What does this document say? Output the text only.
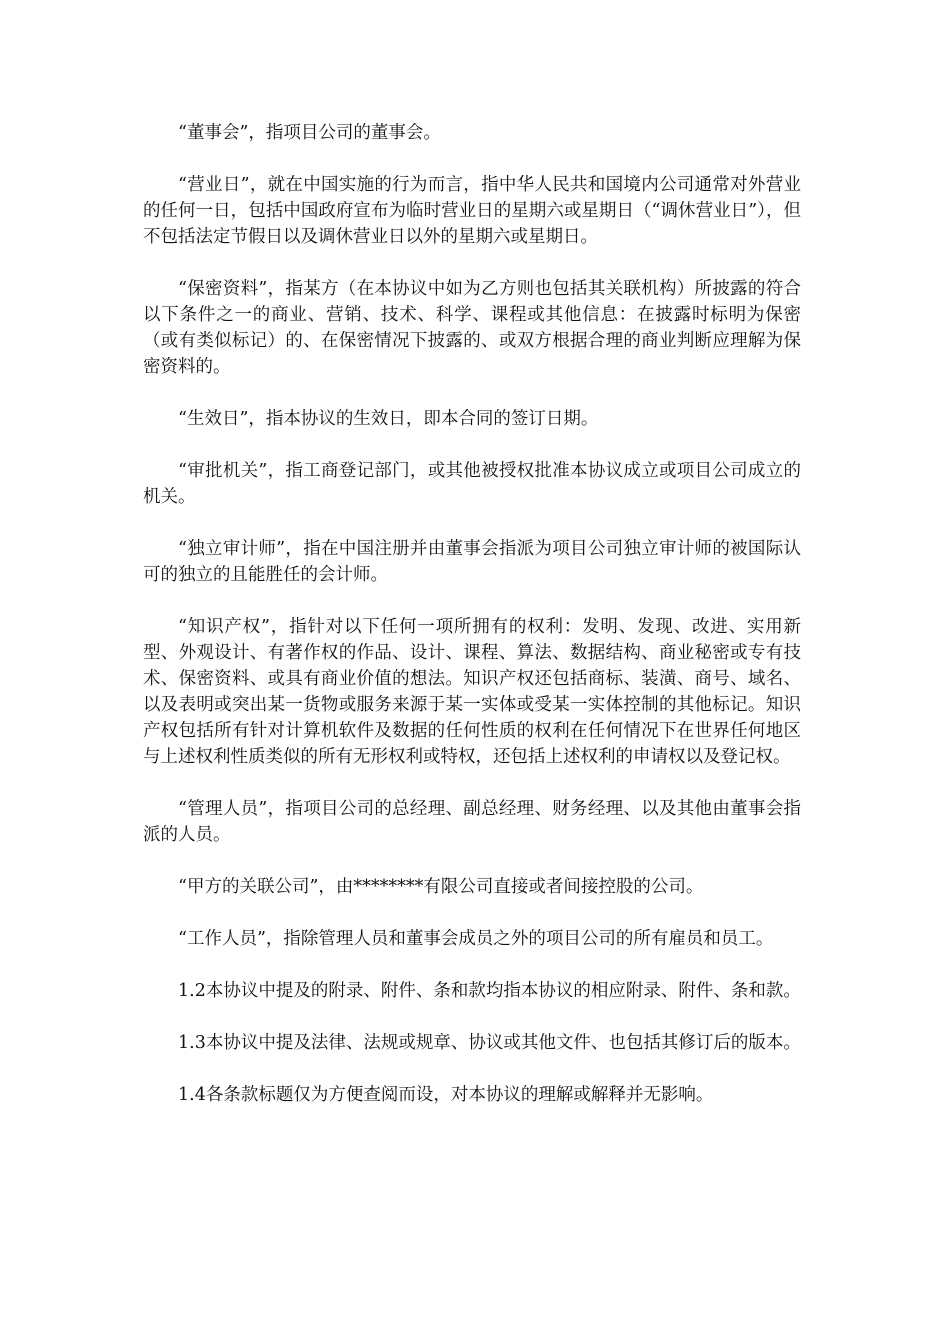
“董事会”，指项目公司的董事会。

“营业日”，就在中国实施的行为而言，指中华人民共和国境内公司通常对外营业的任何一日，包括中国政府宣布为临时营业日的星期六或星期日（“调休营业日”），但不包括法定节假日以及调休营业日以外的星期六或星期日。

“保密资料”，指某方（在本协议中如为乙方则也包括其关联机构）所披露的符合以下条件之一的商业、营销、技术、科学、课程或其他信息：在披露时标明为保密（或有类似标记）的、在保密情况下披露的、或双方根据合理的商业判断应理解为保密资料的。

“生效日”，指本协议的生效日，即本合同的签订日期。

“审批机关”，指工商登记部门，或其他被授权批准本协议成立或项目公司成立的机关。

“独立审计师”，指在中国注册并由董事会指派为项目公司独立审计师的被国际认可的独立的且能胜任的会计师。

“知识产权”，指针对以下任何一项所拥有的权利：发明、发现、改进、实用新型、外观设计、有著作权的作品、设计、课程、算法、数据结构、商业秘密或专有技术、保密资料、或具有商业价值的想法。知识产权还包括商标、装潢、商号、域名、以及表明或突出某一货物或服务来源于某一实体或受某一实体控制的其他标记。知识产权包括所有针对计算机软件及数据的任何性质的权利在任何情况下在世界任何地区与上述权利性质类似的所有无形权利或特权，还包括上述权利的申请权以及登记权。

“管理人员”，指项目公司的总经理、副总经理、财务经理、以及其他由董事会指派的人员。

“甲方的关联公司”，由********有限公司直接或者间接控股的公司。

“工作人员”，指除管理人员和董事会成员之外的项目公司的所有雇员和员工。

1.2本协议中提及的附录、附件、条和款均指本协议的相应附录、附件、条和款。

1.3本协议中提及法律、法规或规章、协议或其他文件、也包括其修订后的版本。

1.4各条款标题仅为方便查阅而设，对本协议的理解或解释并无影响。
